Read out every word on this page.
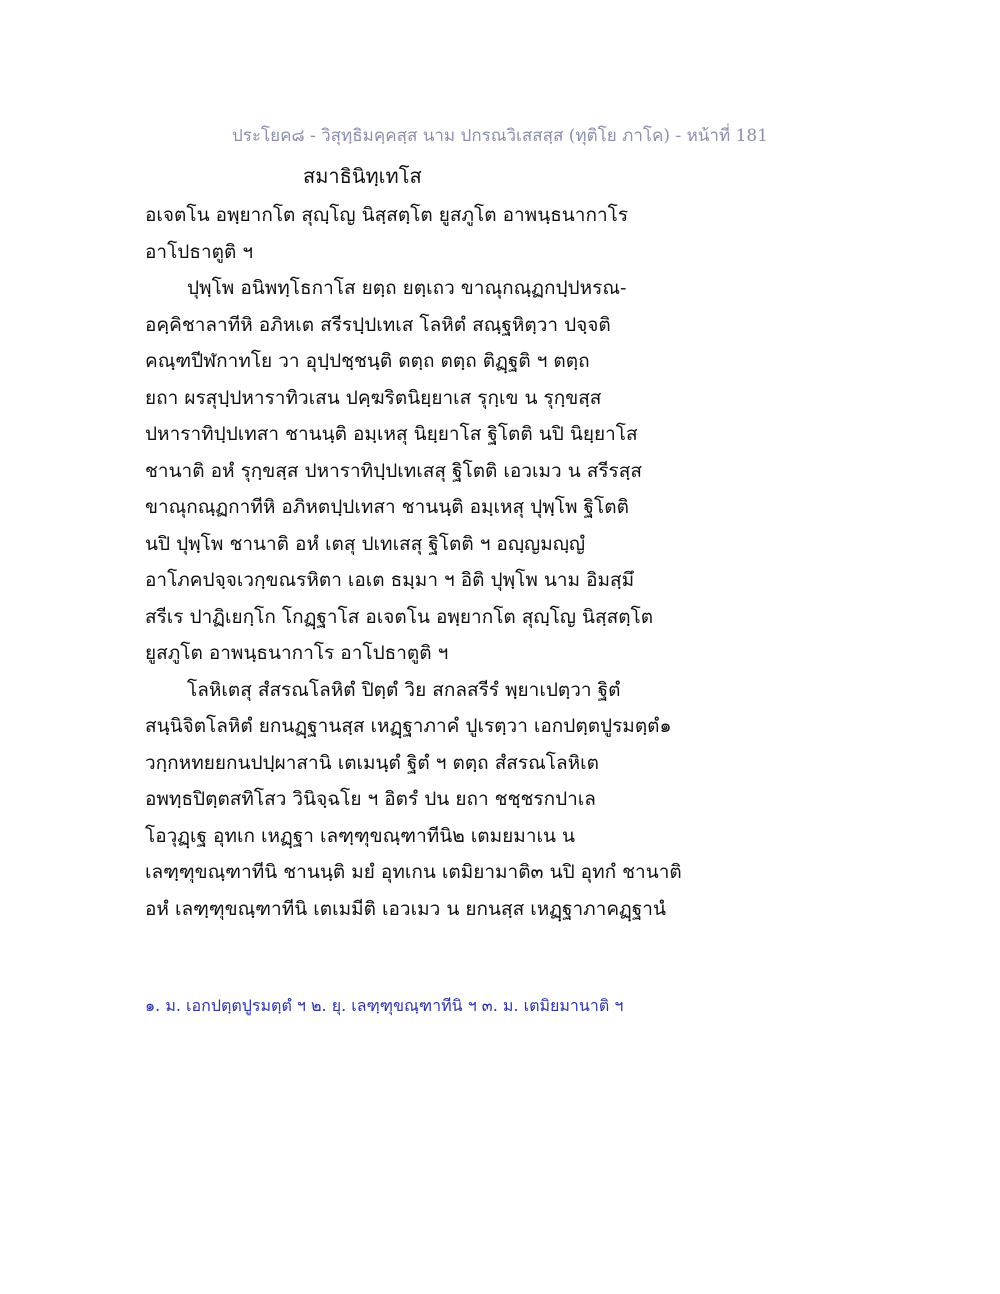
ประโยค๘ - วิสุทฺธิมคฺคสฺส นาม ปกรณวิเสสสฺส (ทุติโย ภาโค) - หน้าที่ 181
สมาธินิทฺเทโส
อเจตโน อพฺยากโต สุญฺโญ นิสฺสตฺโต ยูสภูโต อาพนฺธนากาโร
อาโปธาตูติ ฯ
ปุพฺโพ อนิพทฺโธกาโส ยตฺถ ยตฺเถว ขาณุกณฺฏกปฺปหรณ-
อคฺคิชาลาทีหิ อภิหเต สรีรปฺปเทเส โลหิตํ สณฺฐหิตฺวา ปจฺจติ
คณฺฑปีฬกาทโย วา อุปฺปชฺชนฺติ ตตฺถ ตตฺถ ติฏฺฐติ ฯ ตตฺถ
ยถา ผรสุปฺปหาราทิวเสน ปคฺฆริตนิยฺยาเส รุกฺเข น รุกฺขสฺส
ปหาราทิปฺปเทสา ชานนฺติ อมฺเหสุ นิยฺยาโส ฐิโตติ นปิ นิยฺยาโส
ชานาติ อหํ รุกฺขสฺส ปหาราทิปฺปเทเสสุ ฐิโตติ เอวเมว น สรีรสฺส
ขาณุกณฺฏกาทีหิ อภิหตปฺปเทสา ชานนฺติ อมฺเหสุ ปุพฺโพ ฐิโตติ
นปิ ปุพฺโพ ชานาติ อหํ เตสุ ปเทเสสุ ฐิโตติ ฯ อญฺญมญฺญํ
อาโภคปจฺจเวกฺขณรหิตา เอเต ธมฺมา ฯ อิติ ปุพฺโพ นาม อิมสฺมึ
สรีเร ปาฏิเยกฺโก โกฏฺฐาโส อเจตโน อพฺยากโต สุญฺโญ นิสฺสตฺโต
ยูสภูโต อาพนฺธนากาโร อาโปธาตูติ ฯ
โลหิเตสุ สํสรณโลหิตํ ปิตฺตํ วิย สกลสรีรํ พฺยาเปตฺวา ฐิตํ
สนฺนิจิตโลหิตํ ยกนฏฺฐานสฺส เหฏฺฐาภาคํ ปูเรตฺวา เอกปตฺตปูรมตฺตํ๑
วกฺกหทยยกนปปฺผาสานิ เตเมนฺตํ ฐิตํ ฯ ตตฺถ สํสรณโลหิเต
อพทฺธปิตฺตสทิโสว วินิจฺฉโย ฯ อิตรํ ปน ยถา ชชฺชรกปาเล
โอวุฏฺเฐ อุทเก เหฏฺฐา เลฑฺฑุขณฺฑาทีนิ๒ เตมยมาเน น
เลฑฺฑุขณฺฑาทีนิ ชานนฺติ มยํ อุทเกน เตมิยามาติ๓ นปิ อุทกํ ชานาติ
อหํ เลฑฺฑุขณฺฑาทีนิ เตเมมีติ เอวเมว น ยกนสฺส เหฏฺฐาภาคฏฺฐานํ
๑. ม. เอกปตฺตปูรมตฺตํ ฯ ๒. ยุ. เลฑฺฑุขณฺฑาทีนิ ฯ ๓. ม. เตมิยมานาติ ฯ
